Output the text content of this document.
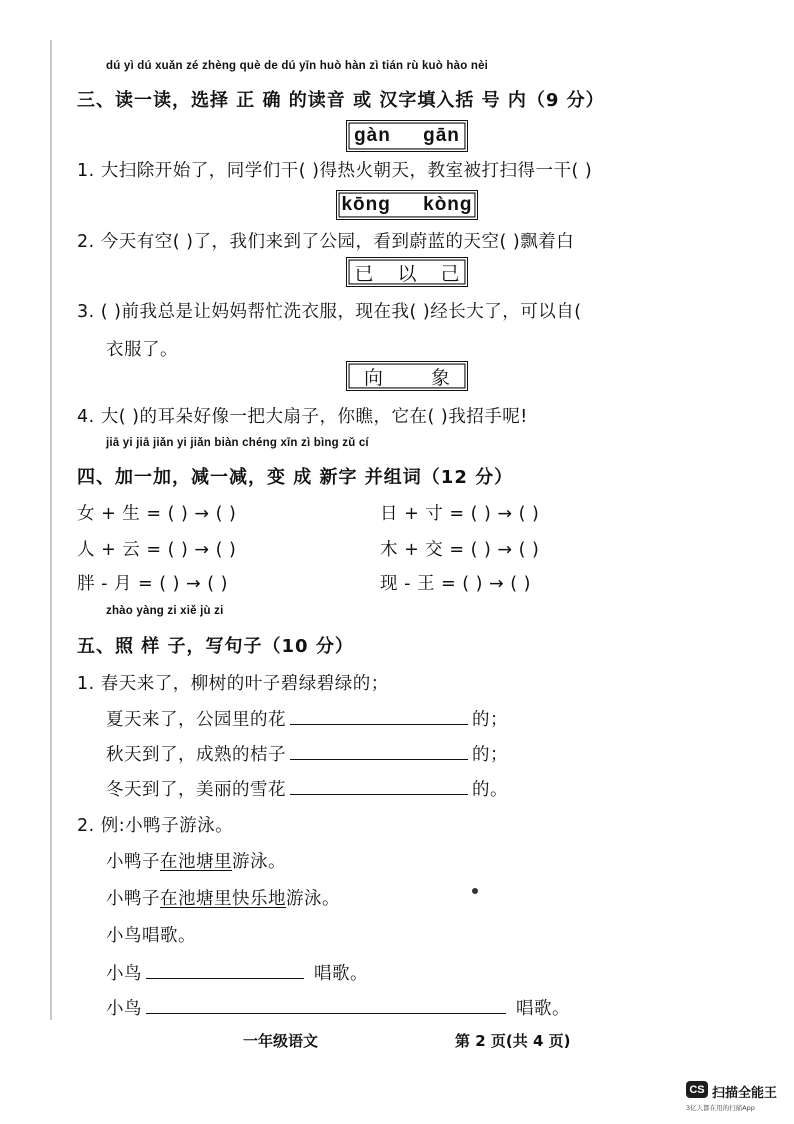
dú yì dú xuǎn zé zhèng què de dú yīn huò hàn zì tián rù kuò hào nèi
三、读一读，选择 正 确 的读音 或 汉字填入括 号 内（9 分）
gàn gān
1. 大扫除开始了，同学们干( )得热火朝天，教室被打扫得一干( )
kōng kòng
2. 今天有空( )了，我们来到了公园，看到蔚蓝的天空( )飘着白
已 以 己
3. ( )前我总是让妈妈帮忙洗衣服，现在我( )经长大了，可以自(
衣服了。
向	象
4. 大( )的耳朵好像一把大扇子，你瞧，它在( )我招手呢!
jiā yi jiā jiǎn yi jiǎn biàn chéng xīn zì bìng zǔ cí
四、加一加，减一减，变 成 新字 并组词（12 分）
女 + 生 = ( ) → ( )	日 + 寸 = ( ) → ( )
人 + 云 = ( ) → ( )	木 + 交 = ( ) → ( )
胖 - 月 = ( ) → ( )	现 - 王 = ( ) → ( )
zhào yàng zi xiě jù zi
五、照 样 子，写句子（10 分）
1. 春天来了，柳树的叶子碧绿碧绿的；
夏天来了，公园里的花	的；
秋天到了，成熟的桔子	的；
冬天到了，美丽的雪花	的。
2. 例:小鸭子游泳。
小鸭子在池塘里游泳。
小鸭子在池塘里快乐地游泳。
小鸟唱歌。
小鸟	唱歌。
小鸟	唱歌。
一年级语文	第 2 页(共 4 页)
CS 扫描全能王
3亿人都在用的扫描App
